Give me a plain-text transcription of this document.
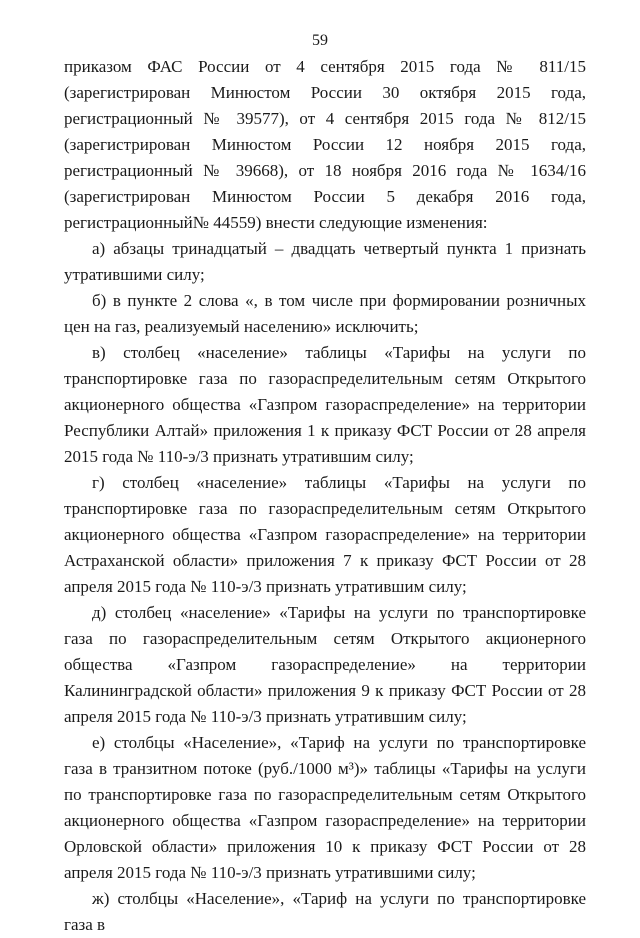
59

приказом ФАС России от 4 сентября 2015 года № 811/15 (зарегистрирован Минюстом России 30 октября 2015 года, регистрационный № 39577), от 4 сентября 2015 года № 812/15 (зарегистрирован Минюстом России 12 ноября 2015 года, регистрационный № 39668), от 18 ноября 2016 года № 1634/16 (зарегистрирован Минюстом России 5 декабря 2016 года, регистрационный№ 44559) внести следующие изменения:

а) абзацы тринадцатый – двадцать четвертый пункта 1 признать утратившими силу;

б) в пункте 2 слова «, в том числе при формировании розничных цен на газ, реализуемый населению» исключить;

в) столбец «население» таблицы «Тарифы на услуги по транспортировке газа по газораспределительным сетям Открытого акционерного общества «Газпром газораспределение» на территории Республики Алтай» приложения 1 к приказу ФСТ России от 28 апреля 2015 года № 110-э/3 признать утратившим силу;

г) столбец «население» таблицы «Тарифы на услуги по транспортировке газа по газораспределительным сетям Открытого акционерного общества «Газпром газораспределение» на территории Астраханской области» приложения 7 к приказу ФСТ России от 28 апреля 2015 года № 110-э/3 признать утратившим силу;

д) столбец «население» «Тарифы на услуги по транспортировке газа по газораспределительным сетям Открытого акционерного общества «Газпром газораспределение» на территории Калининградской области» приложения 9 к приказу ФСТ России от 28 апреля 2015 года № 110-э/3 признать утратившим силу;

е) столбцы «Население», «Тариф на услуги по транспортировке газа в транзитном потоке (руб./1000 м³)» таблицы «Тарифы на услуги по транспортировке газа по газораспределительным сетям Открытого акционерного общества «Газпром газораспределение» на территории Орловской области» приложения 10 к приказу ФСТ России от 28 апреля 2015 года № 110-э/3 признать утратившими силу;

ж) столбцы «Население», «Тариф на услуги по транспортировке газа в
